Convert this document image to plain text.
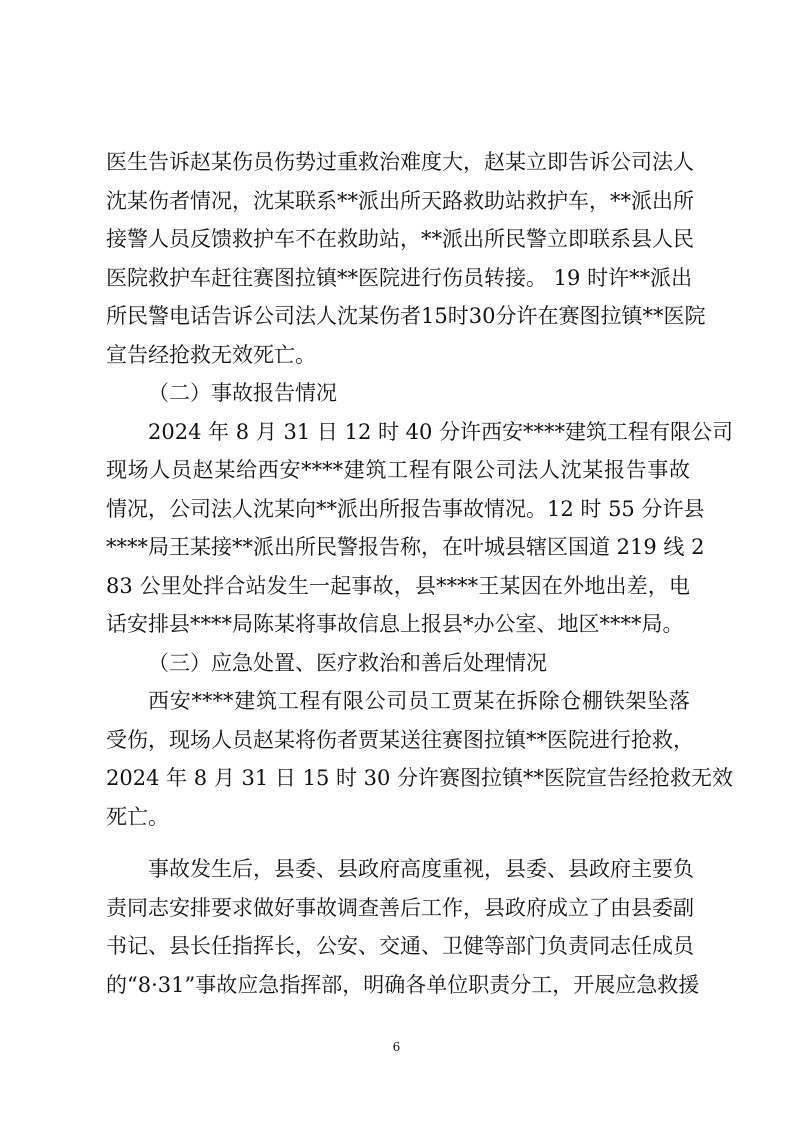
医生告诉赵某伤员伤势过重救治难度大，赵某立即告诉公司法人
沈某伤者情况，沈某联系**派出所天路救助站救护车，**派出所
接警人员反馈救护车不在救助站，**派出所民警立即联系县人民
医院救护车赶往赛图拉镇**医院进行伤员转接。 19 时许**派出
所民警电话告诉公司法人沈某伤者15时30分许在赛图拉镇**医院
宣告经抢救无效死亡。
（二）事故报告情况
2024 年 8 月 31 日 12 时 40 分许西安****建筑工程有限公司
现场人员赵某给西安****建筑工程有限公司法人沈某报告事故
情况，公司法人沈某向**派出所报告事故情况。12 时 55 分许县
****局王某接**派出所民警报告称，在叶城县辖区国道 219 线 2
83 公里处拌合站发生一起事故，县****王某因在外地出差，电
话安排县****局陈某将事故信息上报县*办公室、地区****局。
（三）应急处置、医疗救治和善后处理情况
西安****建筑工程有限公司员工贾某在拆除仓棚铁架坠落
受伤，现场人员赵某将伤者贾某送往赛图拉镇**医院进行抢救，
2024 年 8 月 31 日 15 时 30 分许赛图拉镇**医院宣告经抢救无效
死亡。
事故发生后，县委、县政府高度重视，县委、县政府主要负
责同志安排要求做好事故调查善后工作，县政府成立了由县委副
书记、县长任指挥长，公安、交通、卫健等部门负责同志任成员
的“8·31”事故应急指挥部，明确各单位职责分工，开展应急救援
6
